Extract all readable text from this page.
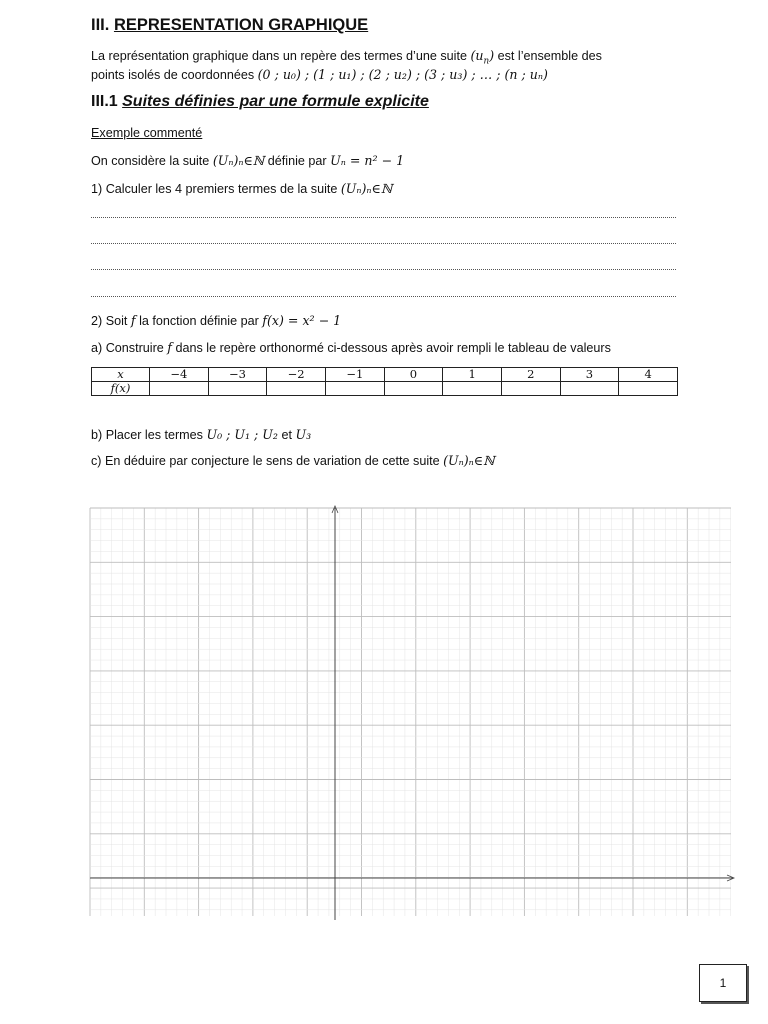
III. REPRESENTATION GRAPHIQUE
La représentation graphique dans un repère des termes d’une suite $(u_n)$ est l’ensemble des
points isolés de coordonnées (0 ; u₀) ; (1 ; u₁) ; (2 ; u₂) ; (3 ; u₃) ; … ; (n ; uₙ)
III.1 Suites définies par une formule explicite
Exemple commenté
On considère la suite (Uₙ)ₙ∈ℕ définie par Uₙ = n² − 1
1) Calculer les 4 premiers termes de la suite (Uₙ)ₙ∈ℕ
2) Soit f la fonction définie par f(x) = x² − 1
a) Construire f dans le repère orthonormé ci-dessous après avoir rempli le tableau de valeurs
x	−4	−3	−2	−1	0	1	2	3	4
f(x)									
b) Placer les termes U₀ ; U₁ ; U₂ et U₃
c) En déduire par conjecture le sens de variation de cette suite (Uₙ)ₙ∈ℕ
1
